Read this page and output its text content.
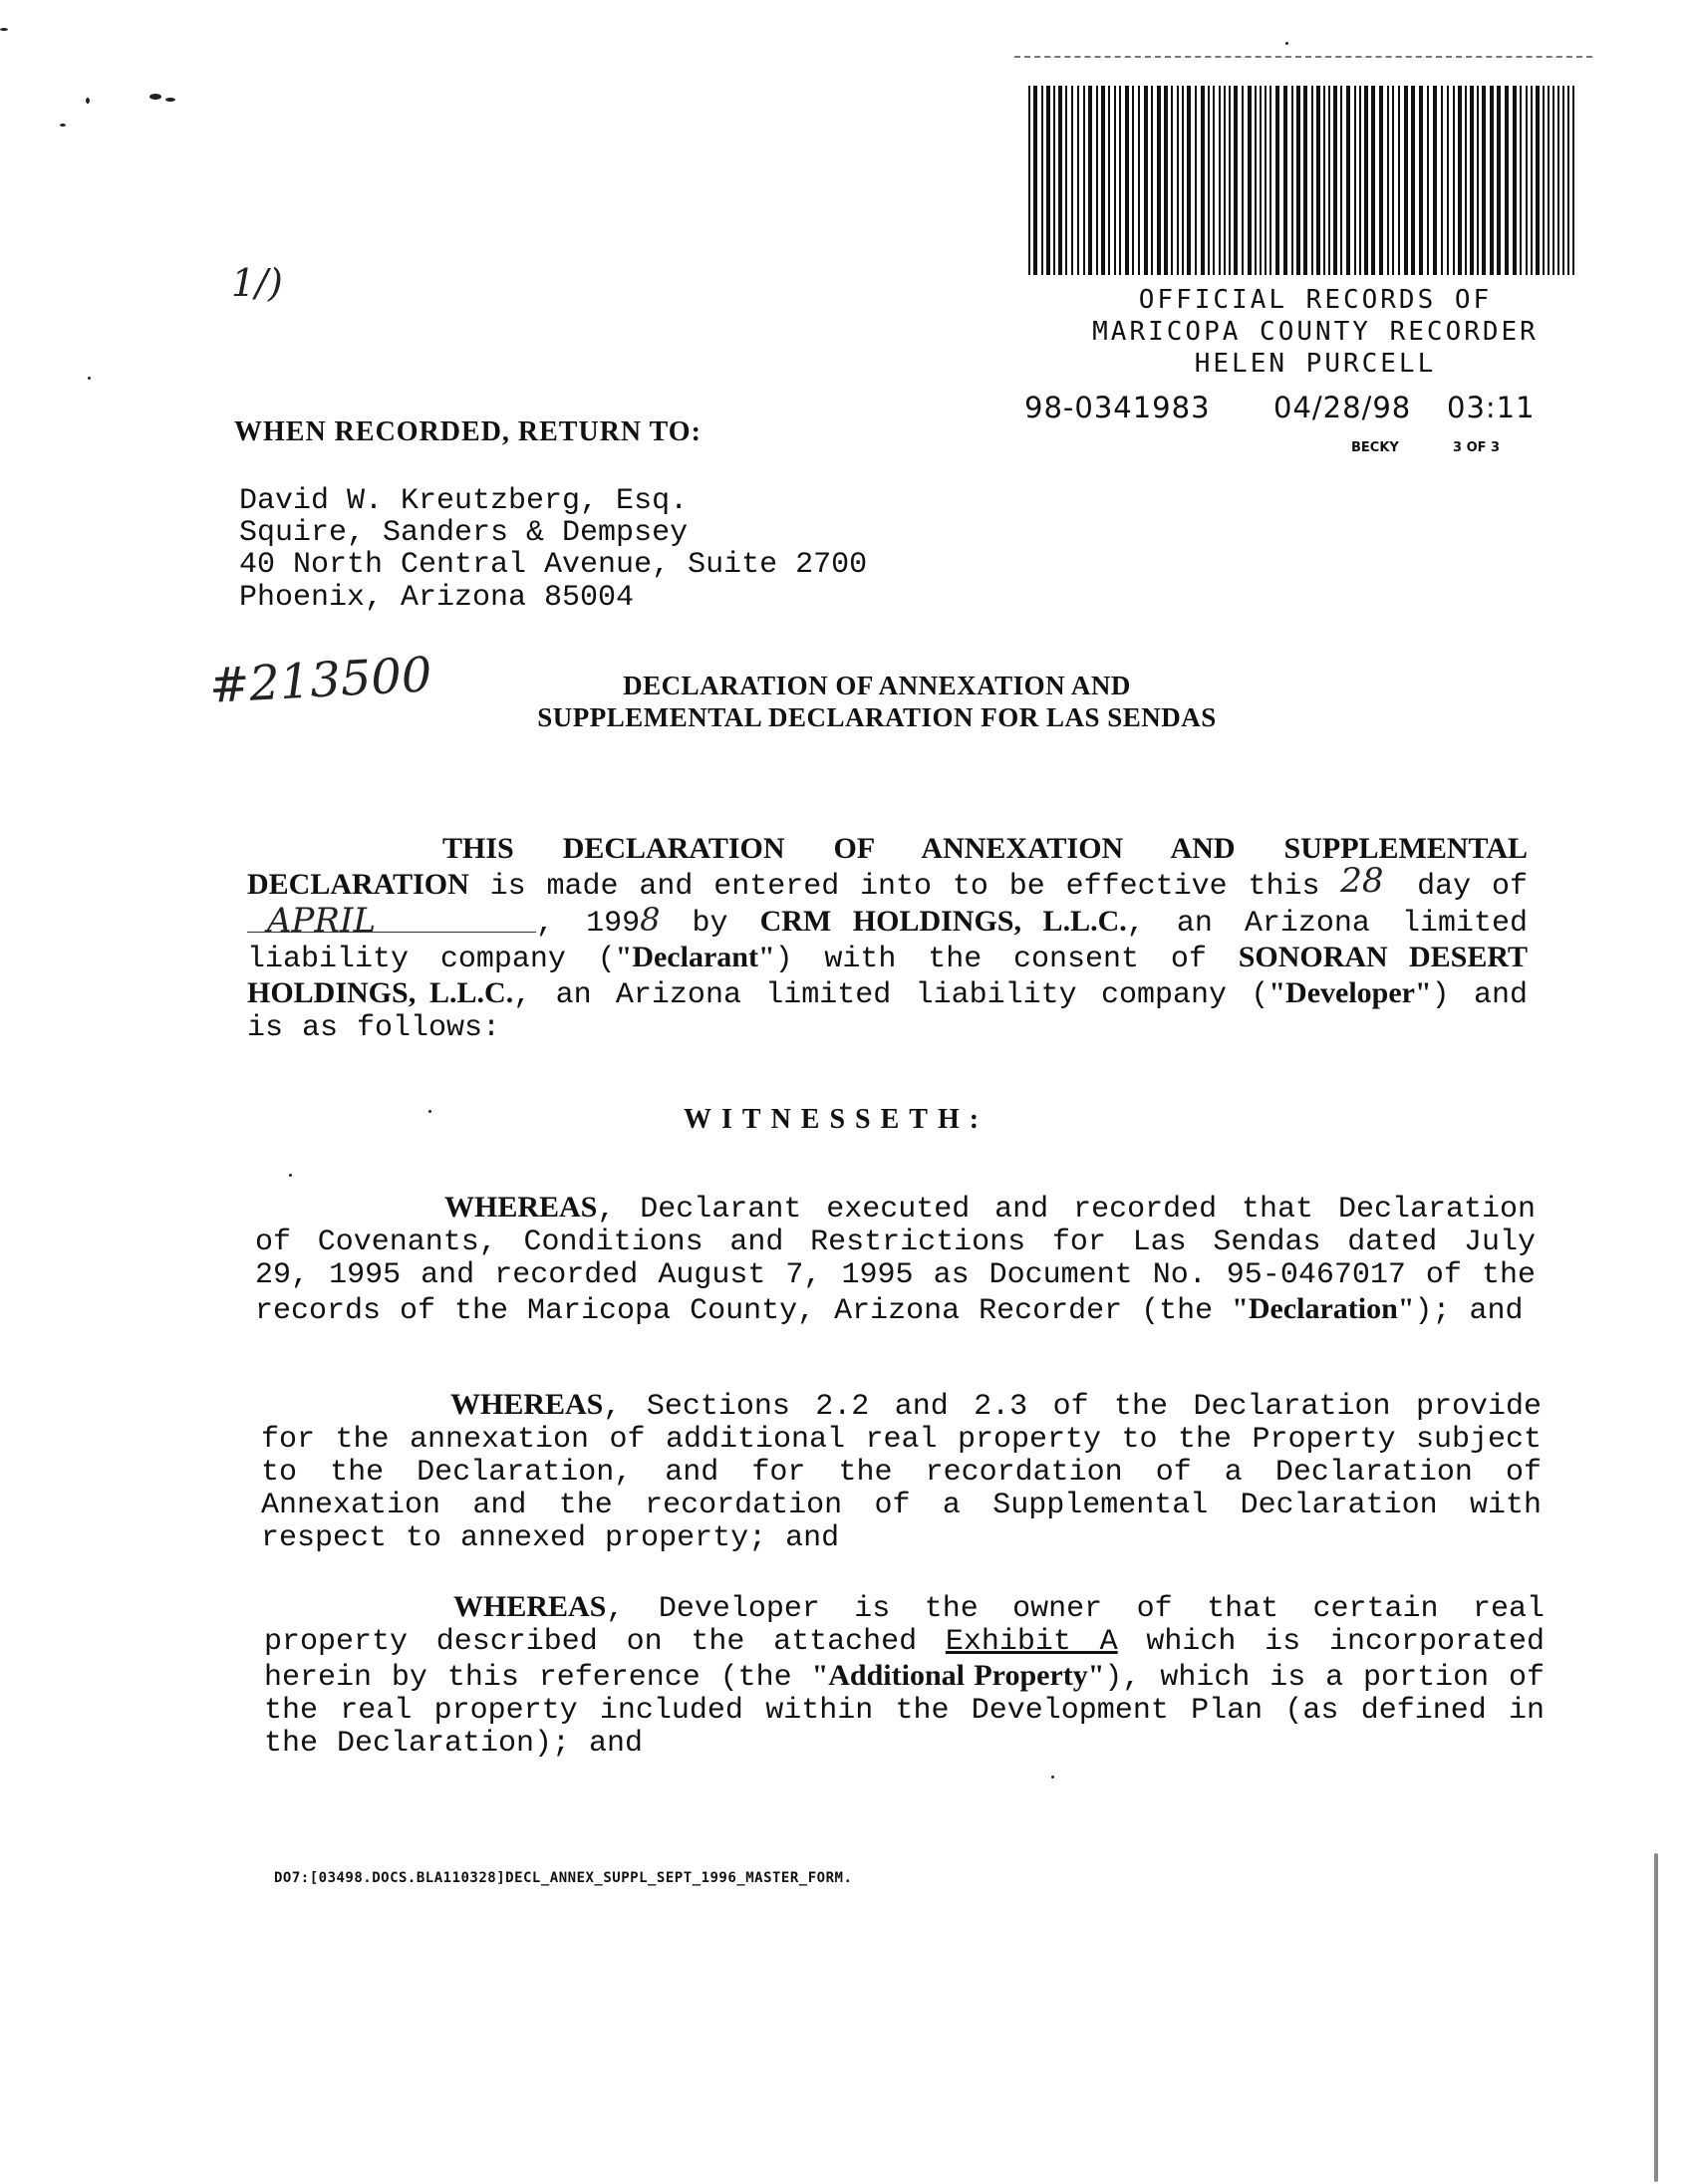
1/)	OFFICIAL RECORDS OF
MARICOPA COUNTY RECORDER
HELEN PURCELL
98-0341983 04/28/98 03:11
BECKY	3 OF 3
WHEN RECORDED, RETURN TO:
David W. Kreutzberg, Esq.
Squire, Sanders & Dempsey
40 North Central Avenue, Suite 2700
Phoenix, Arizona 85004
#213500	DECLARATION OF ANNEXATION AND
SUPPLEMENTAL DECLARATION FOR LAS SENDAS
THIS DECLARATION OF ANNEXATION AND SUPPLEMENTAL DECLARATION is made and entered into to be effective this 28 day of
APRIL	, 1998 by CRM HOLDINGS, L.L.C., an Arizona limited liability company ("Declarant") with the consent of SONORAN DESERT HOLDINGS, L.L.C., an Arizona limited liability company ("Developer") and is as follows:
WITNESSETH:
WHEREAS, Declarant executed and recorded that Declaration of Covenants, Conditions and Restrictions for Las Sendas dated July 29, 1995 and recorded August 7, 1995 as Document No. 95-0467017 of the records of the Maricopa County, Arizona Recorder (the "Declaration"); and
WHEREAS, Sections 2.2 and 2.3 of the Declaration provide for the annexation of additional real property to the Property subject to the Declaration, and for the recordation of a Declaration of Annexation and the recordation of a Supplemental Declaration with respect to annexed property; and
WHEREAS, Developer is the owner of that certain real property described on the attached Exhibit A which is incorporated herein by this reference (the "Additional Property"), which is a portion of the real property included within the Development Plan (as defined in the Declaration); and
DO7:[03498.DOCS.BLA110328]DECL_ANNEX_SUPPL_SEPT_1996_MASTER_FORM.
